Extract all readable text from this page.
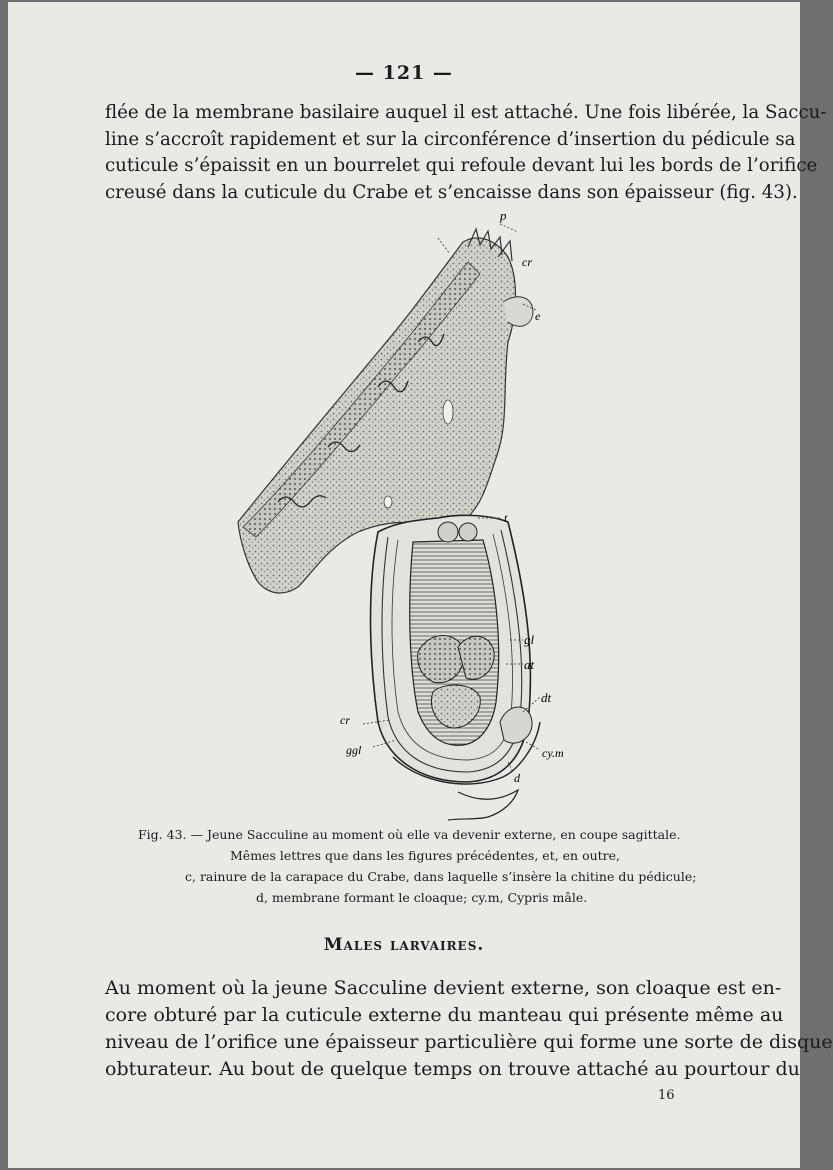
— 121 —
flée de la membrane basilaire auquel il est attaché. Une fois libérée, la Saccu-
line s’accroît rapidement et sur la circonférence d’insertion du pédicule sa
cuticule s’épaissit en un bourrelet qui refoule devant lui les bords de l’orifice
creusé dans la cuticule du Crabe et s’encaisse dans son épaisseur (fig. 43).
p
cr
e
t
gl
at
dt
cr
ggl	cy.m
d
Fig. 43. — Jeune Sacculine au moment où elle va devenir externe, en coupe sagittale.
Mêmes lettres que dans les figures précédentes, et, en outre,
c, rainure de la carapace du Crabe, dans laquelle s’insère la chitine du pédicule;
d, membrane formant le cloaque; cy.m, Cypris mâle.
Males larvaires.
Au moment où la jeune Sacculine devient externe, son cloaque est en-
core obturé par la cuticule externe du manteau qui présente même au
niveau de l’orifice une épaisseur particulière qui forme une sorte de disque
obturateur. Au bout de quelque temps on trouve attaché au pourtour du
16
